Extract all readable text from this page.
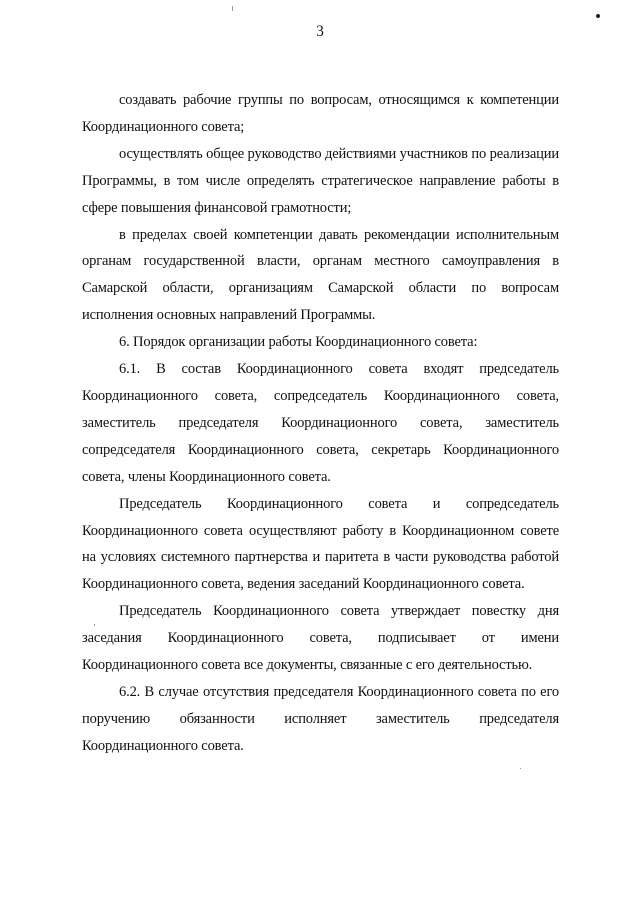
3

создавать рабочие группы по вопросам, относящимся к компетенции Координационного совета;

осуществлять общее руководство действиями участников по реализации Программы, в том числе определять стратегическое направление работы в сфере повышения финансовой грамотности;

в пределах своей компетенции давать рекомендации исполнительным органам государственной власти, органам местного самоуправления в Самарской области, организациям Самарской области по вопросам исполнения основных направлений Программы.

6. Порядок организации работы Координационного совета:

6.1. В состав Координационного совета входят председатель Координационного совета, сопредседатель Координационного совета, заместитель председателя Координационного совета, заместитель сопредседателя Координационного совета, секретарь Координационного совета, члены Координационного совета.

Председатель Координационного совета и сопредседатель Координационного совета осуществляют работу в Координационном совете на условиях системного партнерства и паритета в части руководства работой Координационного совета, ведения заседаний Координационного совета.

Председатель Координационного совета утверждает повестку дня заседания Координационного совета, подписывает от имени Координационного совета все документы, связанные с его деятельностью.

6.2. В случае отсутствия председателя Координационного совета по его поручению обязанности исполняет заместитель председателя Координационного совета.
